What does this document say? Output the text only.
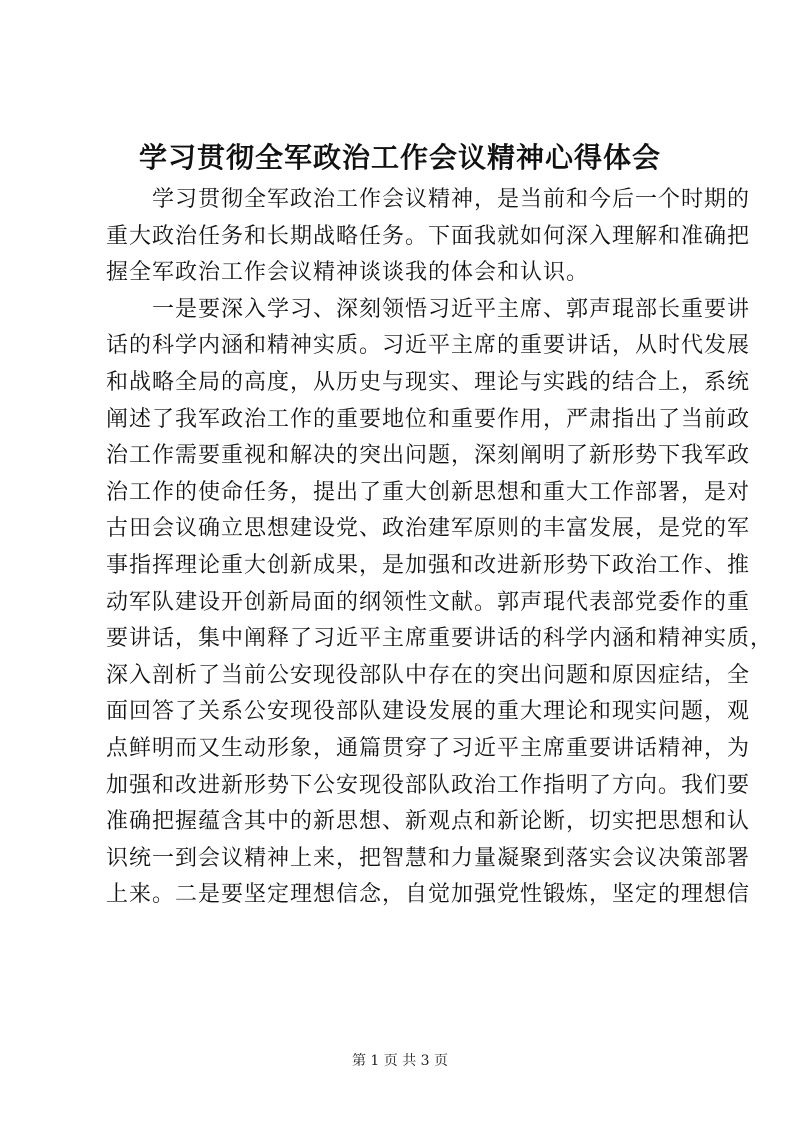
学习贯彻全军政治工作会议精神心得体会
　　学习贯彻全军政治工作会议精神，是当前和今后一个时期的
重大政治任务和长期战略任务。下面我就如何深入理解和准确把
握全军政治工作会议精神谈谈我的体会和认识。
　　一是要深入学习、深刻领悟习近平主席、郭声琨部长重要讲
话的科学内涵和精神实质。习近平主席的重要讲话，从时代发展
和战略全局的高度，从历史与现实、理论与实践的结合上，系统
阐述了我军政治工作的重要地位和重要作用，严肃指出了当前政
治工作需要重视和解决的突出问题，深刻阐明了新形势下我军政
治工作的使命任务，提出了重大创新思想和重大工作部署，是对
古田会议确立思想建设党、政治建军原则的丰富发展，是党的军
事指挥理论重大创新成果，是加强和改进新形势下政治工作、推
动军队建设开创新局面的纲领性文献。郭声琨代表部党委作的重
要讲话，集中阐释了习近平主席重要讲话的科学内涵和精神实质，
深入剖析了当前公安现役部队中存在的突出问题和原因症结，全
面回答了关系公安现役部队建设发展的重大理论和现实问题，观
点鲜明而又生动形象，通篇贯穿了习近平主席重要讲话精神，为
加强和改进新形势下公安现役部队政治工作指明了方向。我们要
准确把握蕴含其中的新思想、新观点和新论断，切实把思想和认
识统一到会议精神上来，把智慧和力量凝聚到落实会议决策部署
上来。二是要坚定理想信念，自觉加强党性锻炼，坚定的理想信
第 1 页 共 3 页
